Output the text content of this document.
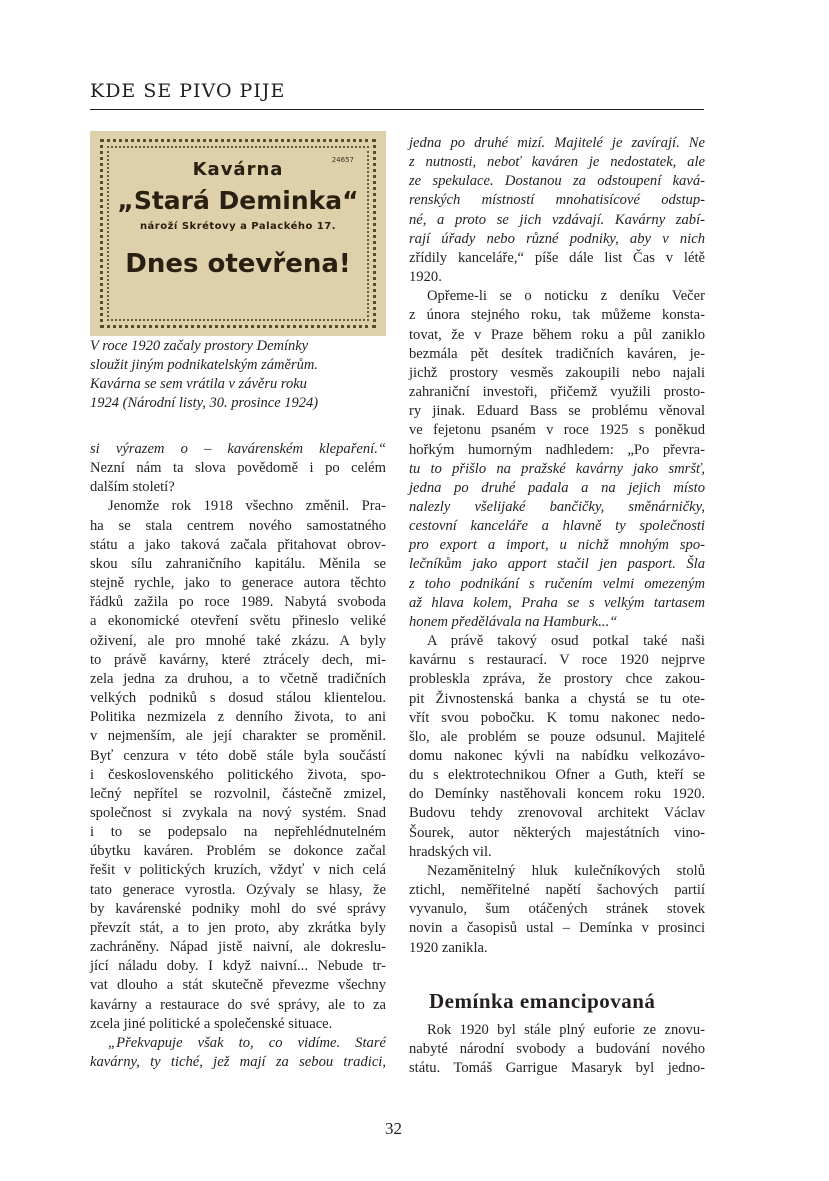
KDE SE PIVO PIJE
24657
Kavárna
„Stará Deminka“
nároží Skrétovy a Palackého 17.
Dnes otevřena!
V roce 1920 začaly prostory Demínky
sloužit jiným podnikatelským záměrům.
Kavárna se sem vrátila v závěru roku
1924 (Národní listy, 30. prosince 1924)
si výrazem o – kavárenském klepaření.“
Nezní nám ta slova povědomě i po celém
dalším století?
Jenomže rok 1918 všechno změnil. Pra-
ha se stala centrem nového samostatného
státu a jako taková začala přitahovat obrov-
skou sílu zahraničního kapitálu. Měnila se
stejně rychle, jako to generace autora těchto
řádků zažila po roce 1989. Nabytá svoboda
a ekonomické otevření světu přineslo veliké
oživení, ale pro mnohé také zkázu. A byly
to právě kavárny, které ztrácely dech, mi-
zela jedna za druhou, a to včetně tradičních
velkých podniků s dosud stálou klientelou.
Politika nezmizela z denního života, to ani
v nejmenším, ale její charakter se proměnil.
Byť cenzura v této době stále byla součástí
i československého politického života, spo-
lečný nepřítel se rozvolnil, částečně zmizel,
společnost si zvykala na nový systém. Snad
i to se podepsalo na nepřehlédnutelném
úbytku kaváren. Problém se dokonce začal
řešit v politických kruzích, vždyť v nich celá
tato generace vyrostla. Ozývaly se hlasy, že
by kavárenské podniky mohl do své správy
převzít stát, a to jen proto, aby zkrátka byly
zachráněny. Nápad jistě naivní, ale dokreslu-
jící náladu doby. I když naivní... Nebude tr-
vat dlouho a stát skutečně převezme všechny
kavárny a restaurace do své správy, ale to za
zcela jiné politické a společenské situace.
„Překvapuje však to, co vidíme. Staré
kavárny, ty tiché, jež mají za sebou tradici,
jedna po druhé mizí. Majitelé je zavírají. Ne
z nutnosti, neboť kaváren je nedostatek, ale
ze spekulace. Dostanou za odstoupení kavá-
renských místností mnohatisícové odstup-
né, a proto se jich vzdávají. Kavárny zabí-
rají úřady nebo různé podniky, aby v nich
zřídily kanceláře,“ píše dále list Čas v létě
1920.
Opřeme-li se o noticku z deníku Večer
z února stejného roku, tak můžeme konsta-
tovat, že v Praze během roku a půl zaniklo
bezmála pět desítek tradičních kaváren, je-
jichž prostory vesměs zakoupili nebo najali
zahraniční investoři, přičemž využili prosto-
ry jinak. Eduard Bass se problému věnoval
ve fejetonu psaném v roce 1925 s poněkud
hořkým humorným nadhledem: „Po převra-
tu to přišlo na pražské kavárny jako smršť,
jedna po druhé padala a na jejich místo
nalezly všelijaké bančičky, směnárničky,
cestovní kanceláře a hlavně ty společnosti
pro export a import, u nichž mnohým spo-
lečníkům jako apport stačil jen pasport. Šla
z toho podnikání s ručením velmi omezeným
až hlava kolem, Praha se s velkým tartasem
honem předělávala na Hamburk...“
A právě takový osud potkal také naši
kavárnu s restaurací. V roce 1920 nejprve
problеskla zpráva, že prostory chce zakou-
pit Živnostenská banka a chystá se tu ote-
vřít svou pobočku. K tomu nakonec nedo-
šlo, ale problém se pouze odsunul. Majitelé
domu nakonec kývli na nabídku velkozávo-
du s elektrotechnikou Ofner a Guth, kteří se
do Demínky nastěhovali koncem roku 1920.
Budovu tehdy zrenovoval architekt Václav
Šourek, autor některých majestátních vino-
hradských vil.
Nezaměnitelný hluk kulečníkových stolů
ztichl, neměřitelné napětí šachových partií
vyvanulo, šum otáčených stránek stovek
novin a časopisů ustal – Demínka v prosinci
1920 zanikla.
Demínka emancipovaná
Rok 1920 byl stále plný euforie ze znovu-
nabyté národní svobody a budování nového
státu. Tomáš Garrigue Masaryk byl jedno-
32
